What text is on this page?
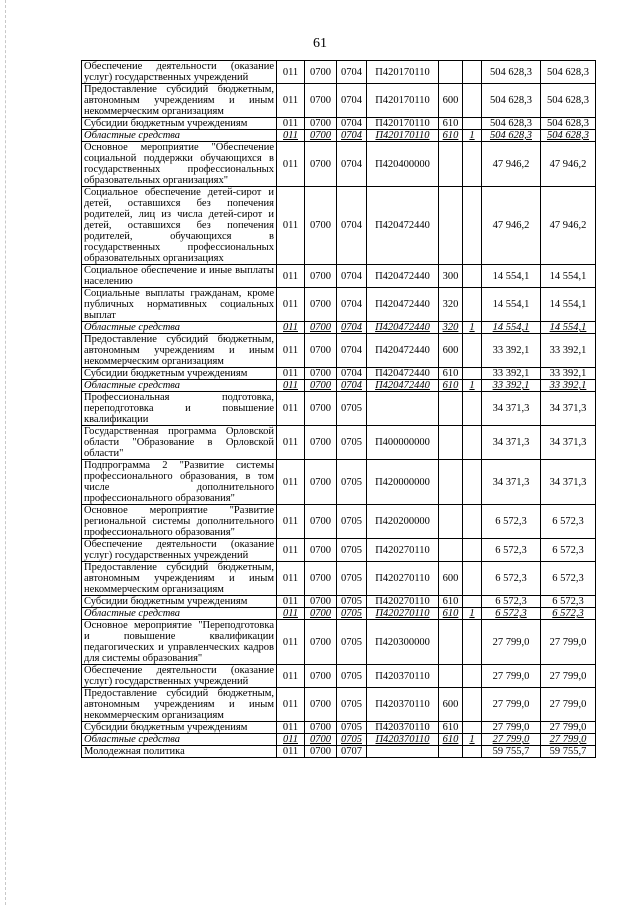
61
Обеспечение деятельности (оказание услуг) государственных учреждений	011	0700	0704	П420170110			504 628,3	504 628,3
Предоставление субсидий бюджетным, автономным учреждениям и иным некоммерческим организациям	011	0700	0704	П420170110	600		504 628,3	504 628,3
Субсидии бюджетным учреждениям	011	0700	0704	П420170110	610		504 628,3	504 628,3
Областные средства	011	0700	0704	П420170110	610	1	504 628,3	504 628,3
Основное мероприятие "Обеспечение социальной поддержки обучающихся в государственных профессиональных образовательных организациях"	011	0700	0704	П420400000			47 946,2	47 946,2
Социальное обеспечение детей-сирот и детей, оставшихся без попечения родителей, лиц из числа детей-сирот и детей, оставшихся без попечения родителей, обучающихся в государственных профессиональных образовательных организациях	011	0700	0704	П420472440			47 946,2	47 946,2
Социальное обеспечение и иные выплаты населению	011	0700	0704	П420472440	300		14 554,1	14 554,1
Социальные выплаты гражданам, кроме публичных нормативных социальных выплат	011	0700	0704	П420472440	320		14 554,1	14 554,1
Областные средства	011	0700	0704	П420472440	320	1	14 554,1	14 554,1
Предоставление субсидий бюджетным, автономным учреждениям и иным некоммерческим организациям	011	0700	0704	П420472440	600		33 392,1	33 392,1
Субсидии бюджетным учреждениям	011	0700	0704	П420472440	610		33 392,1	33 392,1
Областные средства	011	0700	0704	П420472440	610	1	33 392,1	33 392,1
Профессиональная подготовка, переподготовка и повышение квалификации	011	0700	0705				34 371,3	34 371,3
Государственная программа Орловской области "Образование в Орловской области"	011	0700	0705	П400000000			34 371,3	34 371,3
Подпрограмма 2 "Развитие системы профессионального образования, в том числе дополнительного профессионального образования"	011	0700	0705	П420000000			34 371,3	34 371,3
Основное мероприятие "Развитие региональной системы дополнительного профессионального образования"	011	0700	0705	П420200000			6 572,3	6 572,3
Обеспечение деятельности (оказание услуг) государственных учреждений	011	0700	0705	П420270110			6 572,3	6 572,3
Предоставление субсидий бюджетным, автономным учреждениям и иным некоммерческим организациям	011	0700	0705	П420270110	600		6 572,3	6 572,3
Субсидии бюджетным учреждениям	011	0700	0705	П420270110	610		6 572,3	6 572,3
Областные средства	011	0700	0705	П420270110	610	1	6 572,3	6 572,3
Основное мероприятие "Переподготовка и повышение квалификации педагогических и управленческих кадров для системы образования"	011	0700	0705	П420300000			27 799,0	27 799,0
Обеспечение деятельности (оказание услуг) государственных учреждений	011	0700	0705	П420370110			27 799,0	27 799,0
Предоставление субсидий бюджетным, автономным учреждениям и иным некоммерческим организациям	011	0700	0705	П420370110	600		27 799,0	27 799,0
Субсидии бюджетным учреждениям	011	0700	0705	П420370110	610		27 799,0	27 799,0
Областные средства	011	0700	0705	П420370110	610	1	27 799,0	27 799,0
Молодежная политика	011	0700	0707				59 755,7	59 755,7
